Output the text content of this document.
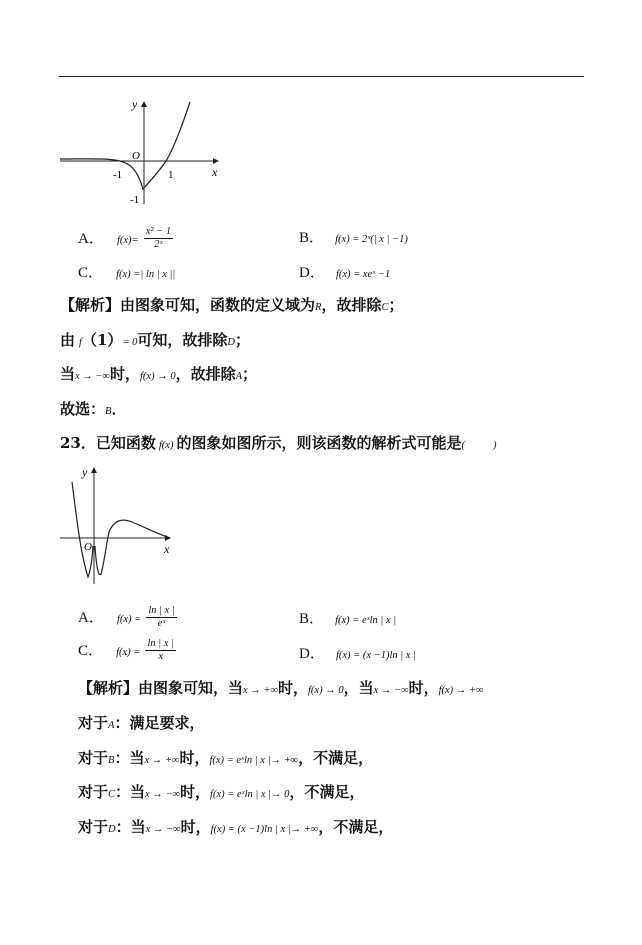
y
O
-1	1	x
-1
A． $f(x)= \frac{\text{x² − 1}}{\text{2ˣ}}$	B． f(x) = 2ˣ(| x | −1)
C． f(x) =| ln | x ||	D． f(x) = xeˣ −1
【解析】由图象可知，函数的定义域为R，故排除C；
由 f（1）= 0可知，故排除D；
当x → −∞时，f(x) → 0，故排除A；
故选：B．
23．已知函数 f(x) 的图象如图所示，则该函数的解析式可能是(	)
y
O	x
A． $f(x) = \frac{\ln | x |}{\text{eˣ}}$	B． f(x) = eˣln | x |
C． $f(x) = \frac{\ln | x |}{x}$	D． f(x) = (x −1)ln | x |
【解析】由图象可知，当x → +∞时，f(x) → 0，当x → −∞时，f(x) → +∞
对于A：满足要求，
对于B：当x → +∞时，f(x) = eˣln | x |→ +∞，不满足，
对于C：当x → −∞时，f(x) = eˣln | x |→ 0，不满足，
对于D：当x → −∞时，f(x) = (x −1)ln | x |→ +∞，不满足，
